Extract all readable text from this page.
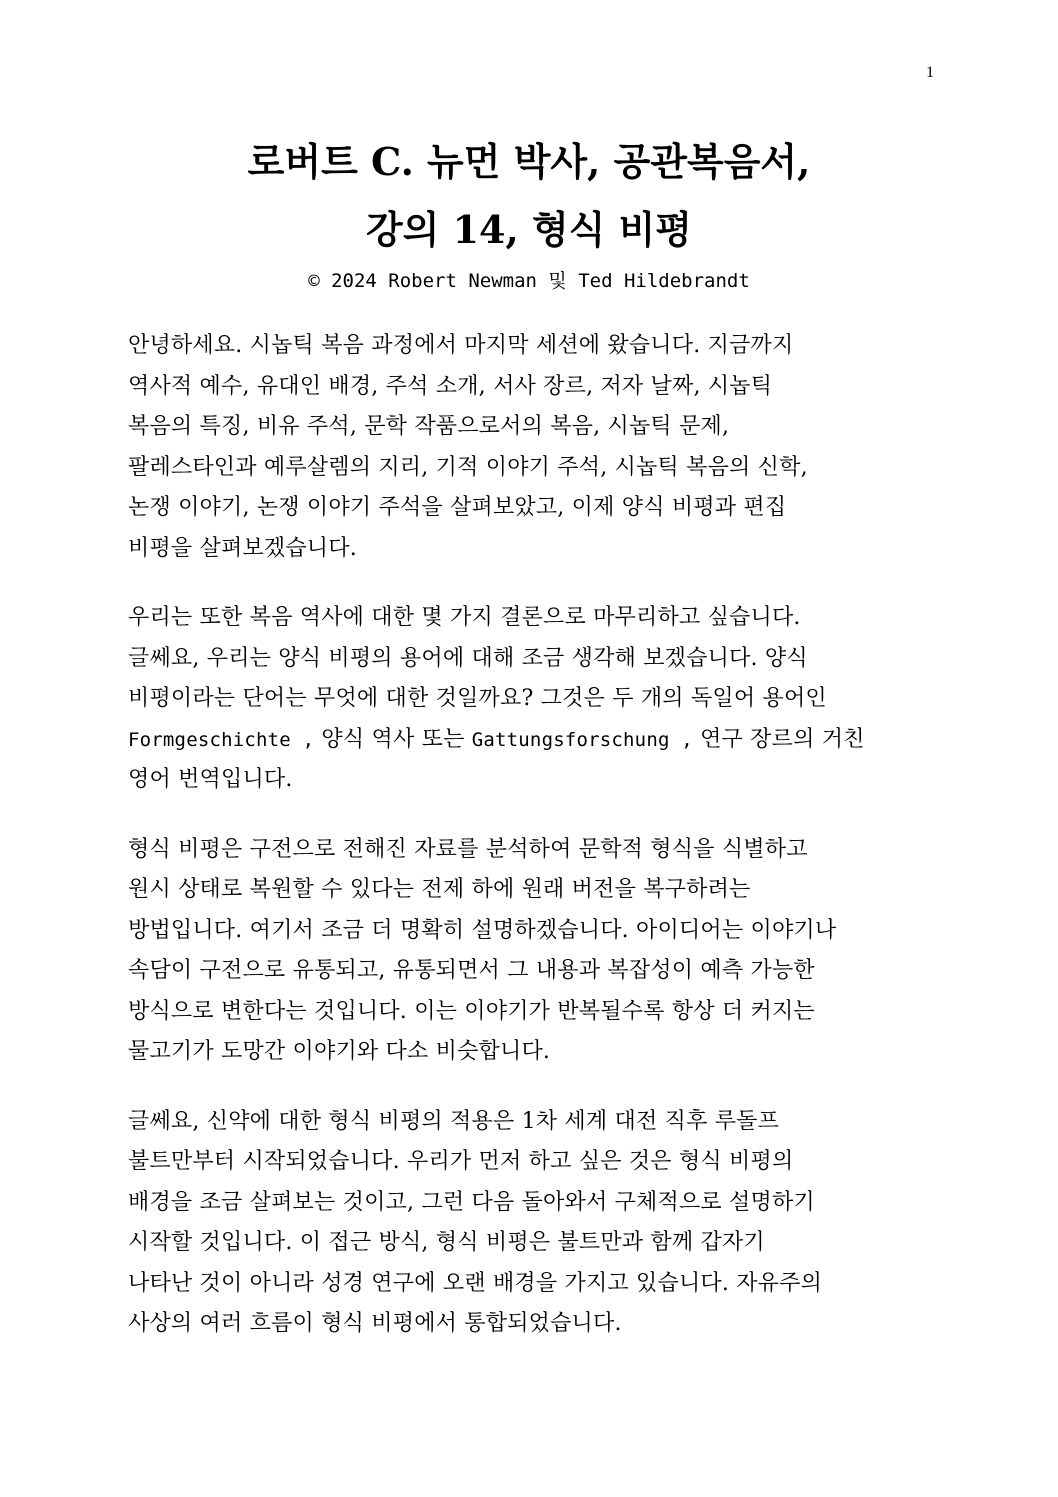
1
로버트 C. 뉴먼 박사, 공관복음서,
강의 14, 형식 비평
© 2024 Robert Newman 및 Ted Hildebrandt

안녕하세요. 시놉틱 복음 과정에서 마지막 세션에 왔습니다. 지금까지
역사적 예수, 유대인 배경, 주석 소개, 서사 장르, 저자 날짜, 시놉틱
복음의 특징, 비유 주석, 문학 작품으로서의 복음, 시놉틱 문제,
팔레스타인과 예루살렘의 지리, 기적 이야기 주석, 시놉틱 복음의 신학,
논쟁 이야기, 논쟁 이야기 주석을 살펴보았고, 이제 양식 비평과 편집
비평을 살펴보겠습니다.

우리는 또한 복음 역사에 대한 몇 가지 결론으로 마무리하고 싶습니다.
글쎄요, 우리는 양식 비평의 용어에 대해 조금 생각해 보겠습니다. 양식
비평이라는 단어는 무엇에 대한 것일까요? 그것은 두 개의 독일어 용어인
Formgeschichte , 양식 역사 또는 Gattungsforschung , 연구 장르의 거친
영어 번역입니다.

형식 비평은 구전으로 전해진 자료를 분석하여 문학적 형식을 식별하고
원시 상태로 복원할 수 있다는 전제 하에 원래 버전을 복구하려는
방법입니다. 여기서 조금 더 명확히 설명하겠습니다. 아이디어는 이야기나
속담이 구전으로 유통되고, 유통되면서 그 내용과 복잡성이 예측 가능한
방식으로 변한다는 것입니다. 이는 이야기가 반복될수록 항상 더 커지는
물고기가 도망간 이야기와 다소 비슷합니다.

글쎄요, 신약에 대한 형식 비평의 적용은 1차 세계 대전 직후 루돌프
불트만부터 시작되었습니다. 우리가 먼저 하고 싶은 것은 형식 비평의
배경을 조금 살펴보는 것이고, 그런 다음 돌아와서 구체적으로 설명하기
시작할 것입니다. 이 접근 방식, 형식 비평은 불트만과 함께 갑자기
나타난 것이 아니라 성경 연구에 오랜 배경을 가지고 있습니다. 자유주의
사상의 여러 흐름이 형식 비평에서 통합되었습니다.
